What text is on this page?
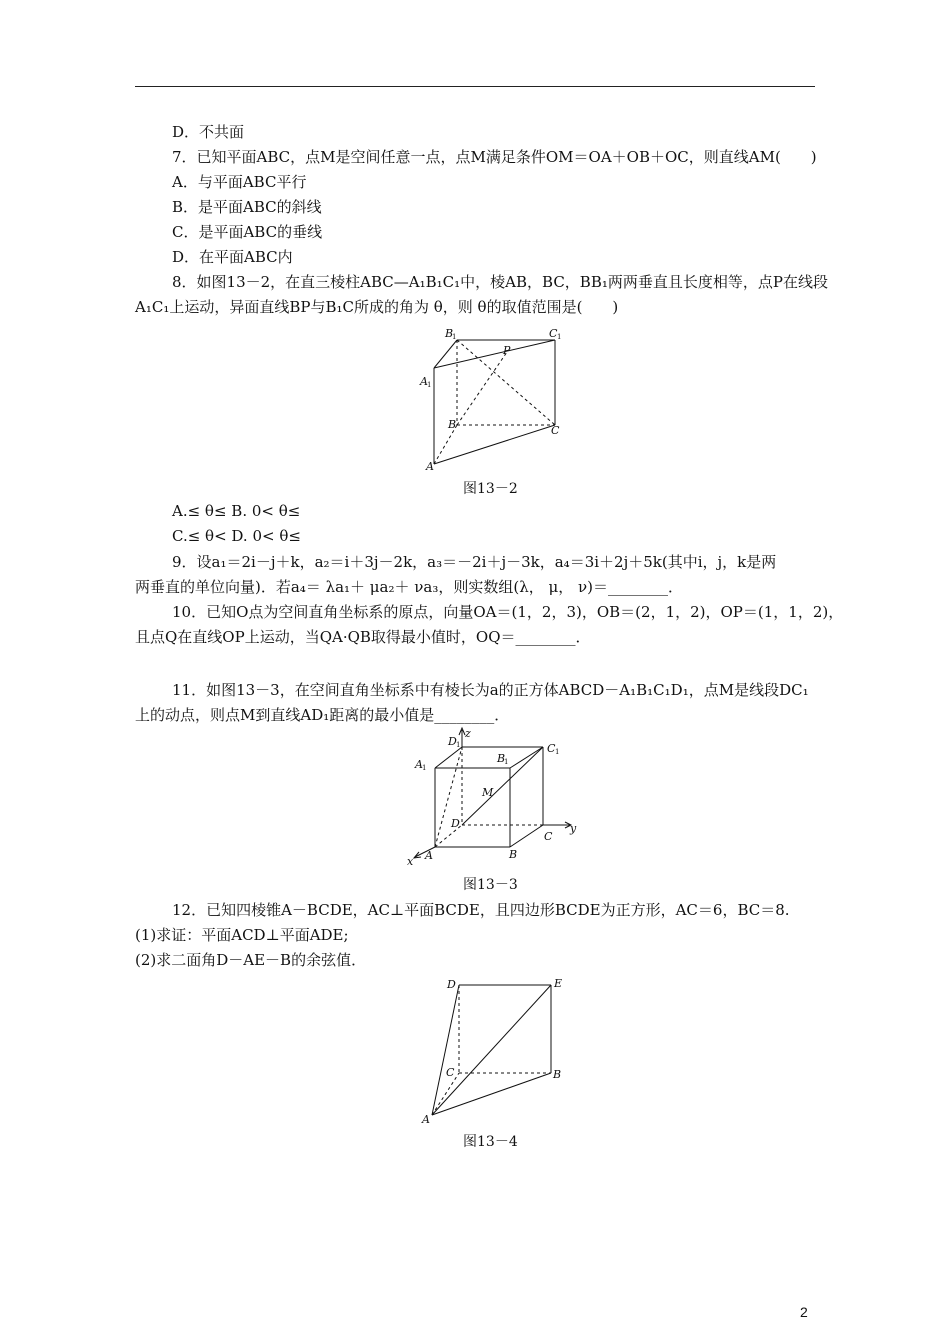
D．不共面
7．已知平面ABC，点M是空间任意一点，点M满足条件OM＝OA＋OB＋OC，则直线AM(　　)
A．与平面ABC平行
B．是平面ABC的斜线
C．是平面ABC的垂线
D．在平面ABC内
8．如图13－2，在直三棱柱ABC—A₁B₁C₁中，棱AB，BC，BB₁两两垂直且长度相等，点P在线段
A₁C₁上运动，异面直线BP与B₁C所成的角为 θ，则 θ的取值范围是(　　)
B
1	C 1
A 1
P
B	C
A
图13－2
A.≤ θ≤ B. 0< θ≤
C.≤ θ< D. 0< θ≤
9．设a₁＝2i－j＋k，a₂＝i＋3j－2k，a₃＝－2i＋j－3k，a₄＝3i＋2j＋5k(其中i，j，k是两
两垂直的单位向量)．若a₄＝ λa₁＋ μa₂＋ νa₃，则实数组(λ， μ， ν)＝________．
10．已知O点为空间直角坐标系的原点，向量OA＝(1，2，3)，OB＝(2，1，2)，OP＝(1，1，2)，
且点Q在直线OP上运动，当QA·QB取得最小值时，OQ＝________．
11．如图13－3，在空间直角坐标系中有棱长为a的正方体ABCD－A₁B₁C₁D₁，点M是线段DC₁
上的动点，则点M到直线AD₁距离的最小值是________．
D 1
z
B
1
C 1
A 1
M
D	y
C
A	B
x
图13－3
12．已知四棱锥A－BCDE，AC⊥平面BCDE，且四边形BCDE为正方形，AC＝6，BC＝8.
(1)求证：平面ACD⊥平面ADE;
(2)求二面角D－AE－B的余弦值．
D	E
C	B
A
图13－4
2
